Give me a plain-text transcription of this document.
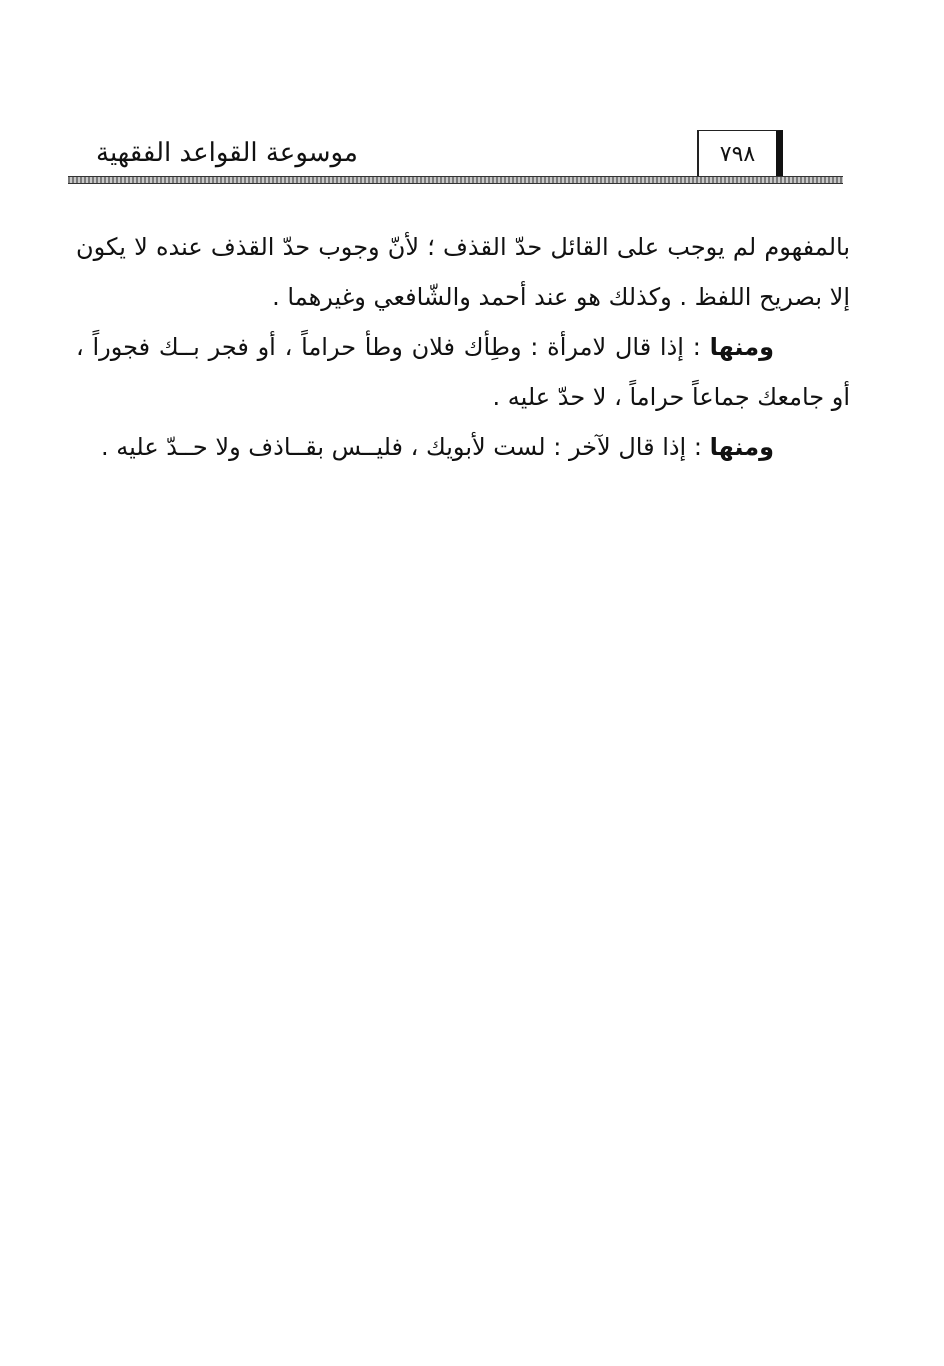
٧٩٨
موسوعة القواعد الفقهية

بالمفهوم لم يوجب على القائل حدّ القذف ؛ لأنّ وجوب حدّ القذف عنده لا يكون إلا بصريح اللفظ . وكذلك هو عند أحمد والشّافعي وغيرهما .

ومنها : إذا قال لامرأة : وطِأك فلان وطأ حراماً ، أو فجر بــك فجوراً ، أو جامعك جماعاً حراماً ، لا حدّ عليه .

ومنها : إذا قال لآخر : لست لأبويك ، فليــس بقــاذف ولا حــدّ عليه .
